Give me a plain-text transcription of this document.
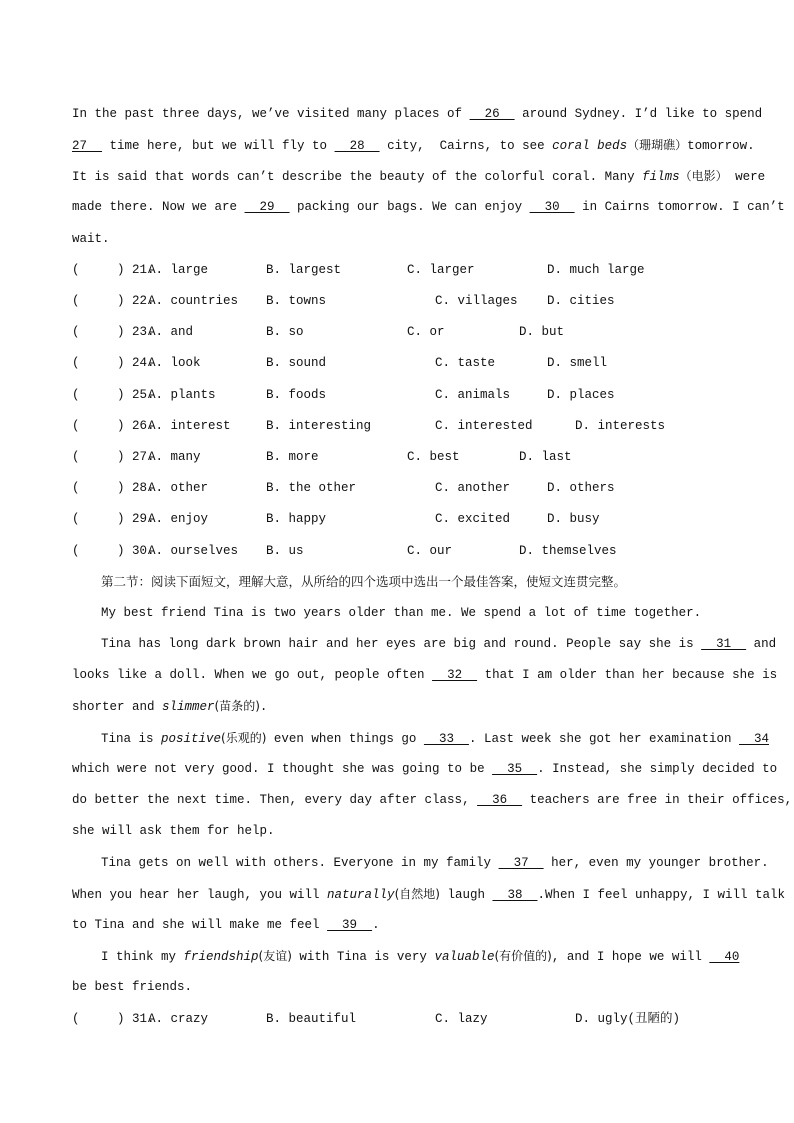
In the past three days, we’ve visited many places of   26   around Sydney. I’d like to spend
27   time here, but we will fly to   28   city,  Cairns, to see coral beds（珊瑚礁）tomorrow.
It is said that words can’t describe the beauty of the colorful coral. Many films（电影） were
made there. Now we are   29   packing our bags. We can enjoy   30   in Cairns tomorrow. I can’t
wait.
(     ) 21.
A. large	B. largest	C. larger	D. much large
(     ) 22.
A. countries B. towns	C. villages D. cities
(     ) 23.
A. and	B. so	C. or	D. but
(     ) 24.
A. look	B. sound	C. taste	D. smell
(     ) 25.
A. plants	B. foods	C. animals	D. places
(     ) 26.
A. interest	B. interesting	C. interested	D. interests
(     ) 27.
A. many	B. more	C. best	D. last
(     ) 28.
A. other	B. the other	C. another	D. others
(     ) 29.
A. enjoy	B. happy	C. excited	D. busy
(     ) 30.
A. ourselves B. us	C. our	D. themselves
第二节：阅读下面短文，理解大意，从所给的四个选项中选出一个最佳答案，使短文连贯完整。
My best friend Tina is two years older than me. We spend a lot of time together.
Tina has long dark brown hair and her eyes are big and round. People say she is   31   and
looks like a doll. When we go out, people often   32   that I am older than her because she is
shorter and slimmer(苗条的).
Tina is positive(乐观的) even when things go   33  . Last week she got her examination   34
which were not very good. I thought she was going to be   35  . Instead, she simply decided to
do better the next time. Then, every day after class,   36   teachers are free in their offices,
she will ask them for help.
Tina gets on well with others. Everyone in my family   37   her, even my younger brother.
When you hear her laugh, you will naturally(自然地) laugh   38  .When I feel unhappy, I will talk
to Tina and she will make me feel   39  .
I think my friendship(友谊) with Tina is very valuable(有价值的), and I hope we will   40
be best friends.
(     ) 31.
A. crazy	B. beautiful	C. lazy	D. ugly(丑陋的)
